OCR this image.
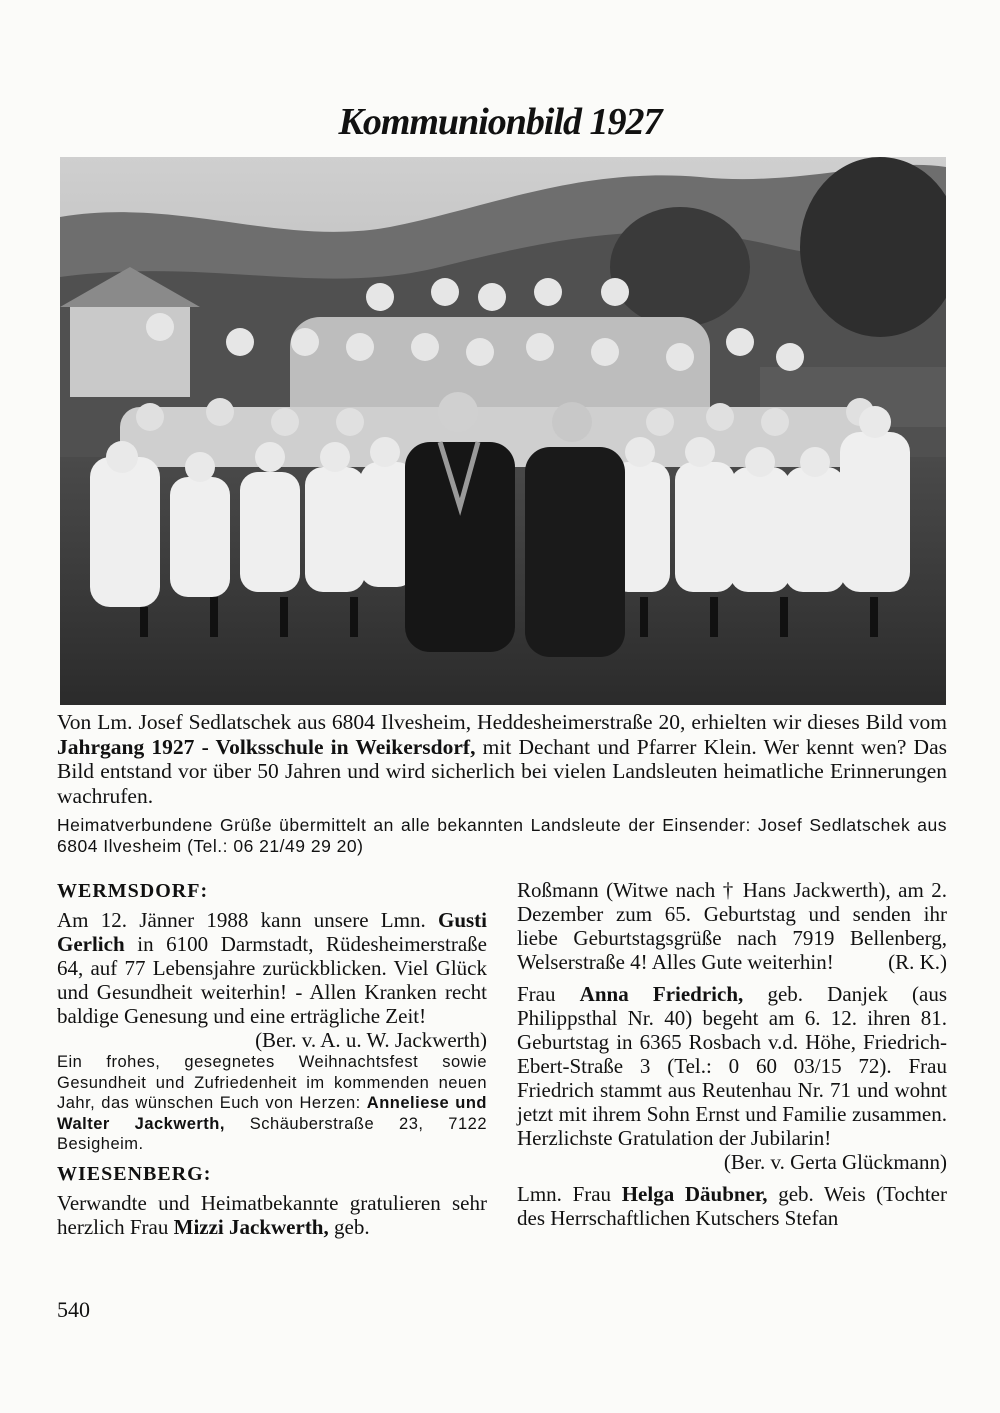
Kommunionbild 1927

Von Lm. Josef Sedlatschek aus 6804 Ilvesheim, Heddesheimerstraße 20, erhielten wir dieses Bild vom Jahrgang 1927 - Volksschule in Weikersdorf, mit Dechant und Pfarrer Klein. Wer kennt wen? Das Bild entstand vor über 50 Jahren und wird sicherlich bei vielen Landsleuten heimatliche Erinnerungen wachrufen.

Heimatverbundene Grüße übermittelt an alle bekannten Landsleute der Einsender: Josef Sedlatschek aus 6804 Ilvesheim (Tel.: 06 21/49 29 20)

WERMSDORF:

Am 12. Jänner 1988 kann unsere Lmn. Gusti Gerlich in 6100 Darmstadt, Rüdesheimerstraße 64, auf 77 Lebensjahre zurückblicken. Viel Glück und Gesundheit weiterhin! - Allen Kranken recht baldige Genesung und eine erträgliche Zeit!

(Ber. v. A. u. W. Jackwerth)

Ein frohes, gesegnetes Weihnachtsfest sowie Gesundheit und Zufriedenheit im kommenden neuen Jahr, das wünschen Euch von Herzen: Anneliese und Walter Jackwerth, Schäuberstraße 23, 7122 Besigheim.

WIESENBERG:

Verwandte und Heimatbekannte gratulieren sehr herzlich Frau Mizzi Jackwerth, geb.

Roßmann (Witwe nach † Hans Jackwerth), am 2. Dezember zum 65. Geburtstag und senden ihr liebe Geburtstagsgrüße nach 7919 Bellenberg, Welserstraße 4! Alles Gute weiterhin!	(R. K.)

Frau Anna Friedrich, geb. Danjek (aus Philippsthal Nr. 40) begeht am 6. 12. ihren 81. Geburtstag in 6365 Rosbach v.d. Höhe, Friedrich-Ebert-Straße 3 (Tel.: 0 60 03/15 72). Frau Friedrich stammt aus Reutenhau Nr. 71 und wohnt jetzt mit ihrem Sohn Ernst und Familie zusammen. Herzlichste Gratulation der Jubilarin!

(Ber. v. Gerta Glückmann)

Lmn. Frau Helga Däubner, geb. Weis (Tochter des Herrschaftlichen Kutschers Stefan

540
